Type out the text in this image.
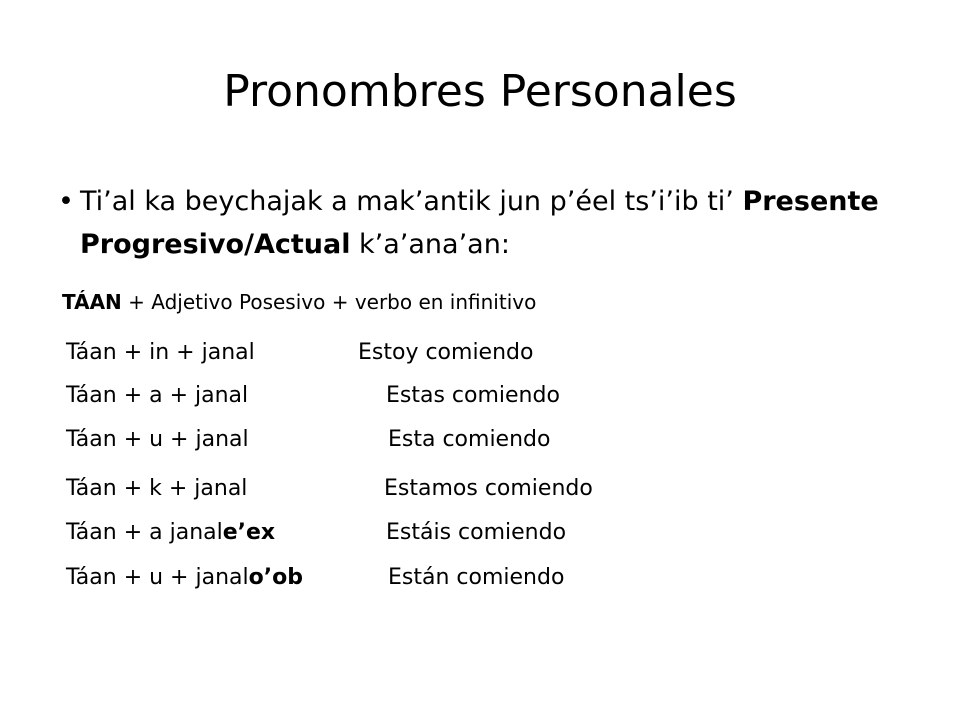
Pronombres Personales
• Ti’al ka beychajak a mak’antik jun p’éel ts’i’ib ti’ Presente Progresivo/Actual k’a’ana’an:
TÁAN + Adjetivo Posesivo + verbo en infinitivo
Táan + in + janal	Estoy comiendo
Táan + a + janal	Estas comiendo
Táan + u + janal	Esta comiendo
Táan + k + janal	Estamos comiendo
Táan + a janale’ex	Estáis comiendo
Táan + u + janalo’ob	Están comiendo
